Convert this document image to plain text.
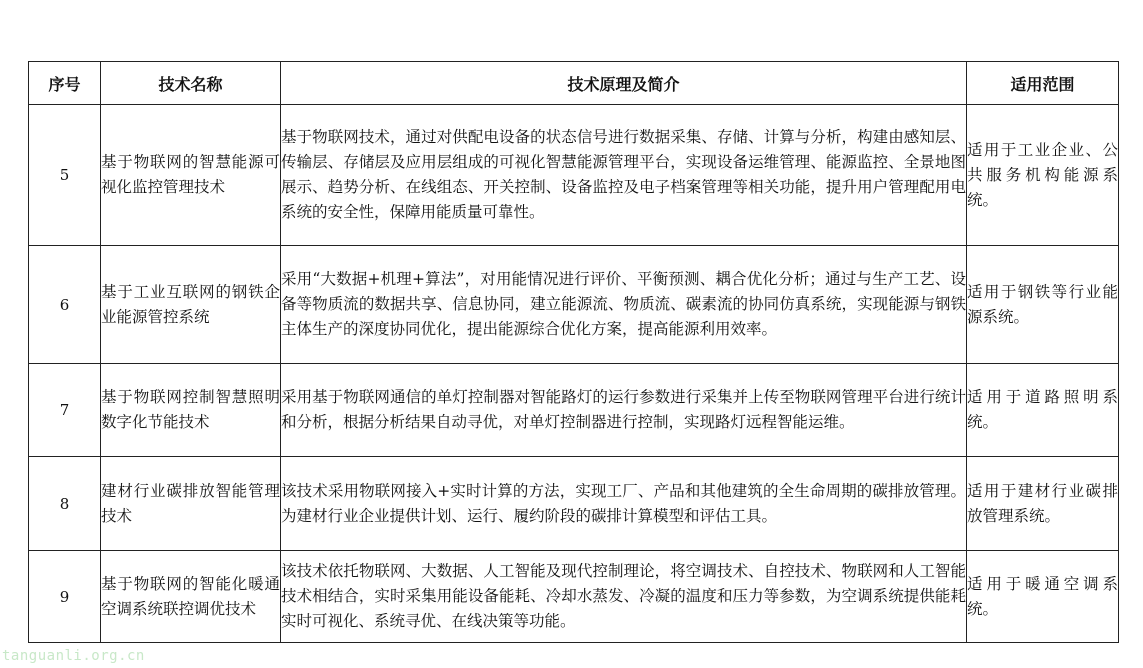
序号	技术名称	技术原理及简介	适用范围
5	基于物联网的智慧能源可视化监控管理技术	基于物联网技术，通过对供配电设备的状态信号进行数据采集、存储、计算与分析，构建由感知层、传输层、存储层及应用层组成的可视化智慧能源管理平台，实现设备运维管理、能源监控、全景地图展示、趋势分析、在线组态、开关控制、设备监控及电子档案管理等相关功能，提升用户管理配用电系统的安全性，保障用能质量可靠性。	适用于工业企业、公共服务机构能源系统。
6	基于工业互联网的钢铁企业能源管控系统	采用“大数据+机理+算法”，对用能情况进行评价、平衡预测、耦合优化分析；通过与生产工艺、设备等物质流的数据共享、信息协同，建立能源流、物质流、碳素流的协同仿真系统，实现能源与钢铁主体生产的深度协同优化，提出能源综合优化方案，提高能源利用效率。	适用于钢铁等行业能源系统。
7	基于物联网控制智慧照明数字化节能技术	采用基于物联网通信的单灯控制器对智能路灯的运行参数进行采集并上传至物联网管理平台进行统计和分析，根据分析结果自动寻优，对单灯控制器进行控制，实现路灯远程智能运维。	适用于道路照明系统。
8	建材行业碳排放智能管理技术	该技术采用物联网接入+实时计算的方法，实现工厂、产品和其他建筑的全生命周期的碳排放管理。为建材行业企业提供计划、运行、履约阶段的碳排计算模型和评估工具。	适用于建材行业碳排放管理系统。
9	基于物联网的智能化暖通空调系统联控调优技术	该技术依托物联网、大数据、人工智能及现代控制理论，将空调技术、自控技术、物联网和人工智能技术相结合，实时采集用能设备能耗、冷却水蒸发、冷凝的温度和压力等参数，为空调系统提供能耗实时可视化、系统寻优、在线决策等功能。	适用于暖通空调系统。
tanguanli.org.cn
